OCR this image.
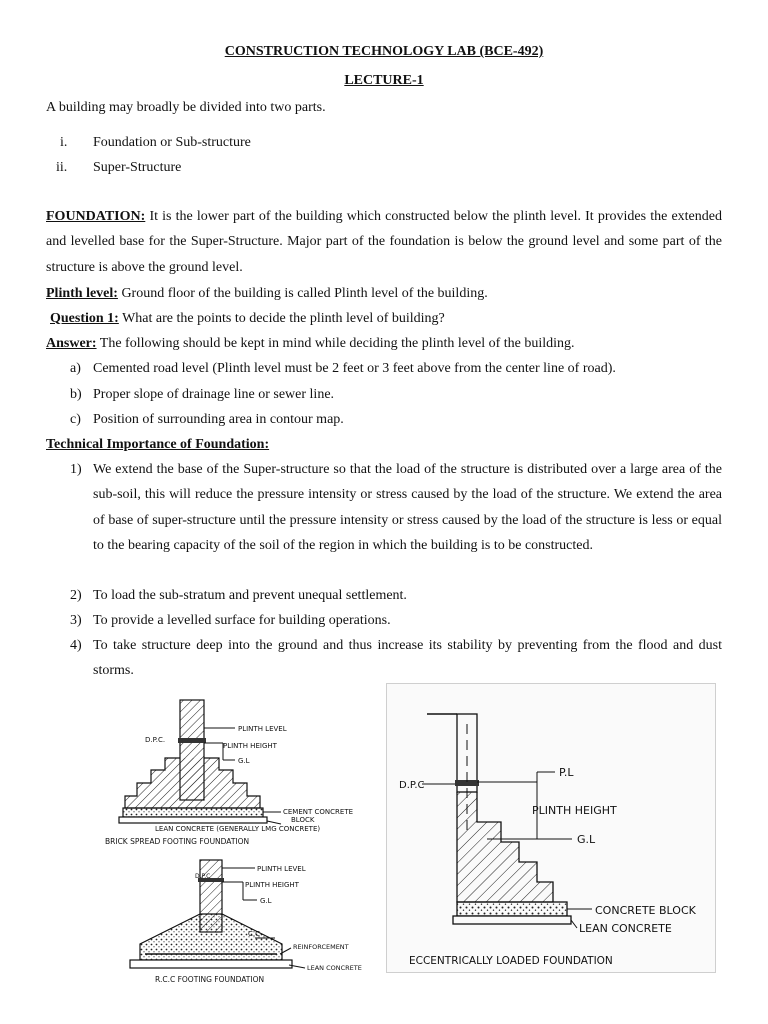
CONSTRUCTION TECHNOLOGY LAB (BCE-492)
LECTURE-1
A building may broadly be divided into two parts.
i. Foundation or Sub-structure
ii. Super-Structure
FOUNDATION: It is the lower part of the building which constructed below the plinth level. It provides the extended and levelled base for the Super-Structure. Major part of the foundation is below the ground level and some part of the structure is above the ground level.
Plinth level: Ground floor of the building is called Plinth level of the building.
Question 1: What are the points to decide the plinth level of building?
Answer: The following should be kept in mind while deciding the plinth level of the building.
a) Cemented road level (Plinth level must be 2 feet or 3 feet above from the center line of road).
b) Proper slope of drainage line or sewer line.
c) Position of surrounding area in contour map.
Technical Importance of Foundation:
1) We extend the base of the Super-structure so that the load of the structure is distributed over a large area of the sub-soil, this will reduce the pressure intensity or stress caused by the load of the structure. We extend the area of base of super-structure until the pressure intensity or stress caused by the load of the structure is less or equal to the bearing capacity of the soil of the region in which the building is to be constructed.
2) To load the sub-stratum and prevent unequal settlement.
3) To provide a levelled surface for building operations.
4) To take structure deep into the ground and thus increase its stability by preventing from the flood and dust storms.
PLINTH LEVEL
D.P.C.
PLINTH HEIGHT
G.L
CEMENT CONCRETE
BLOCK
LEAN CONCRETE (GENERALLY LMG CONCRETE)
BRICK SPREAD FOOTING FOUNDATION
PLINTH LEVEL
D.P.C
PLINTH HEIGHT
G.L
C.C
REINFORCEMENT
LEAN CONCRETE
R.C.C FOOTING FOUNDATION
P.L
D.P.C
PLINTH HEIGHT
G.L
CONCRETE BLOCK
LEAN CONCRETE
ECCENTRICALLY LOADED FOUNDATION
